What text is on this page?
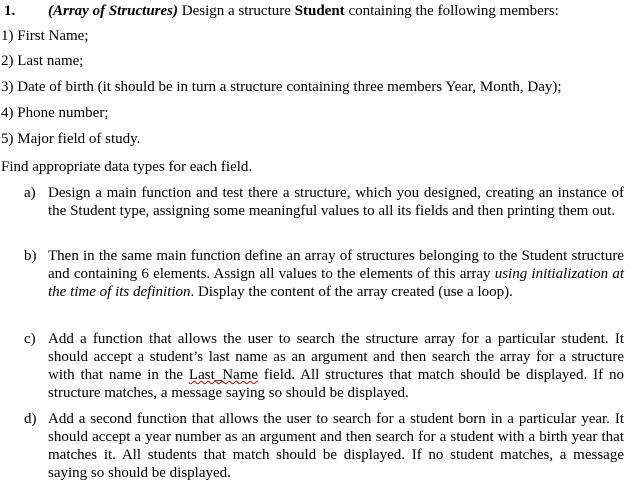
1. (Array of Structures) Design a structure Student containing the following members:
1) First Name;
2) Last name;
3) Date of birth (it should be in turn a structure containing three members Year, Month, Day);
4) Phone number;
5) Major field of study.
Find appropriate data types for each field.
a) Design a main function and test there a structure, which you designed, creating an instance of the Student type, assigning some meaningful values to all its fields and then printing them out.
b) Then in the same main function define an array of structures belonging to the Student structure and containing 6 elements. Assign all values to the elements of this array using initialization at the time of its definition. Display the content of the array created (use a loop).
c) Add a function that allows the user to search the structure array for a particular student. It should accept a student’s last name as an argument and then search the array for a structure with that name in the Last_Name field. All structures that match should be displayed. If no structure matches, a message saying so should be displayed.
d) Add a second function that allows the user to search for a student born in a particular year. It should accept a year number as an argument and then search for a student with a birth year that matches it. All students that match should be displayed. If no student matches, a message saying so should be displayed.
